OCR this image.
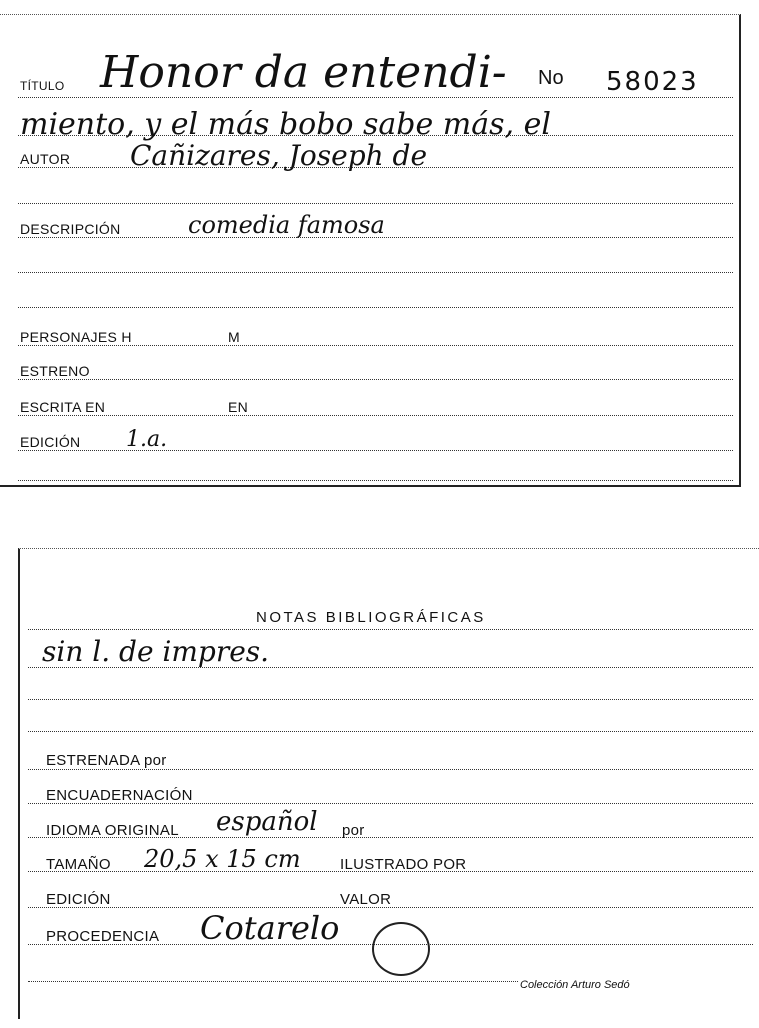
TÍTULO Honor da entendi- No 58023
miento, y el más bobo sabe más, el
AUTOR Cañizares, Joseph de
DESCRIPCIÓN	comedia famosa
PERSONAJES H	M
ESTRENO
ESCRITA EN	EN
EDICIÓN 1.a.
NOTAS BIBLIOGRÁFICAS
sin l. de impres.
ESTRENADA por
ENCUADERNACIÓN
IDIOMA ORIGINAL español por
TAMAÑO 20,5 x 15 cm	ILUSTRADO POR
EDICIÓN	VALOR
PROCEDENCIA Cotarelo
Colección Arturo Sedó
